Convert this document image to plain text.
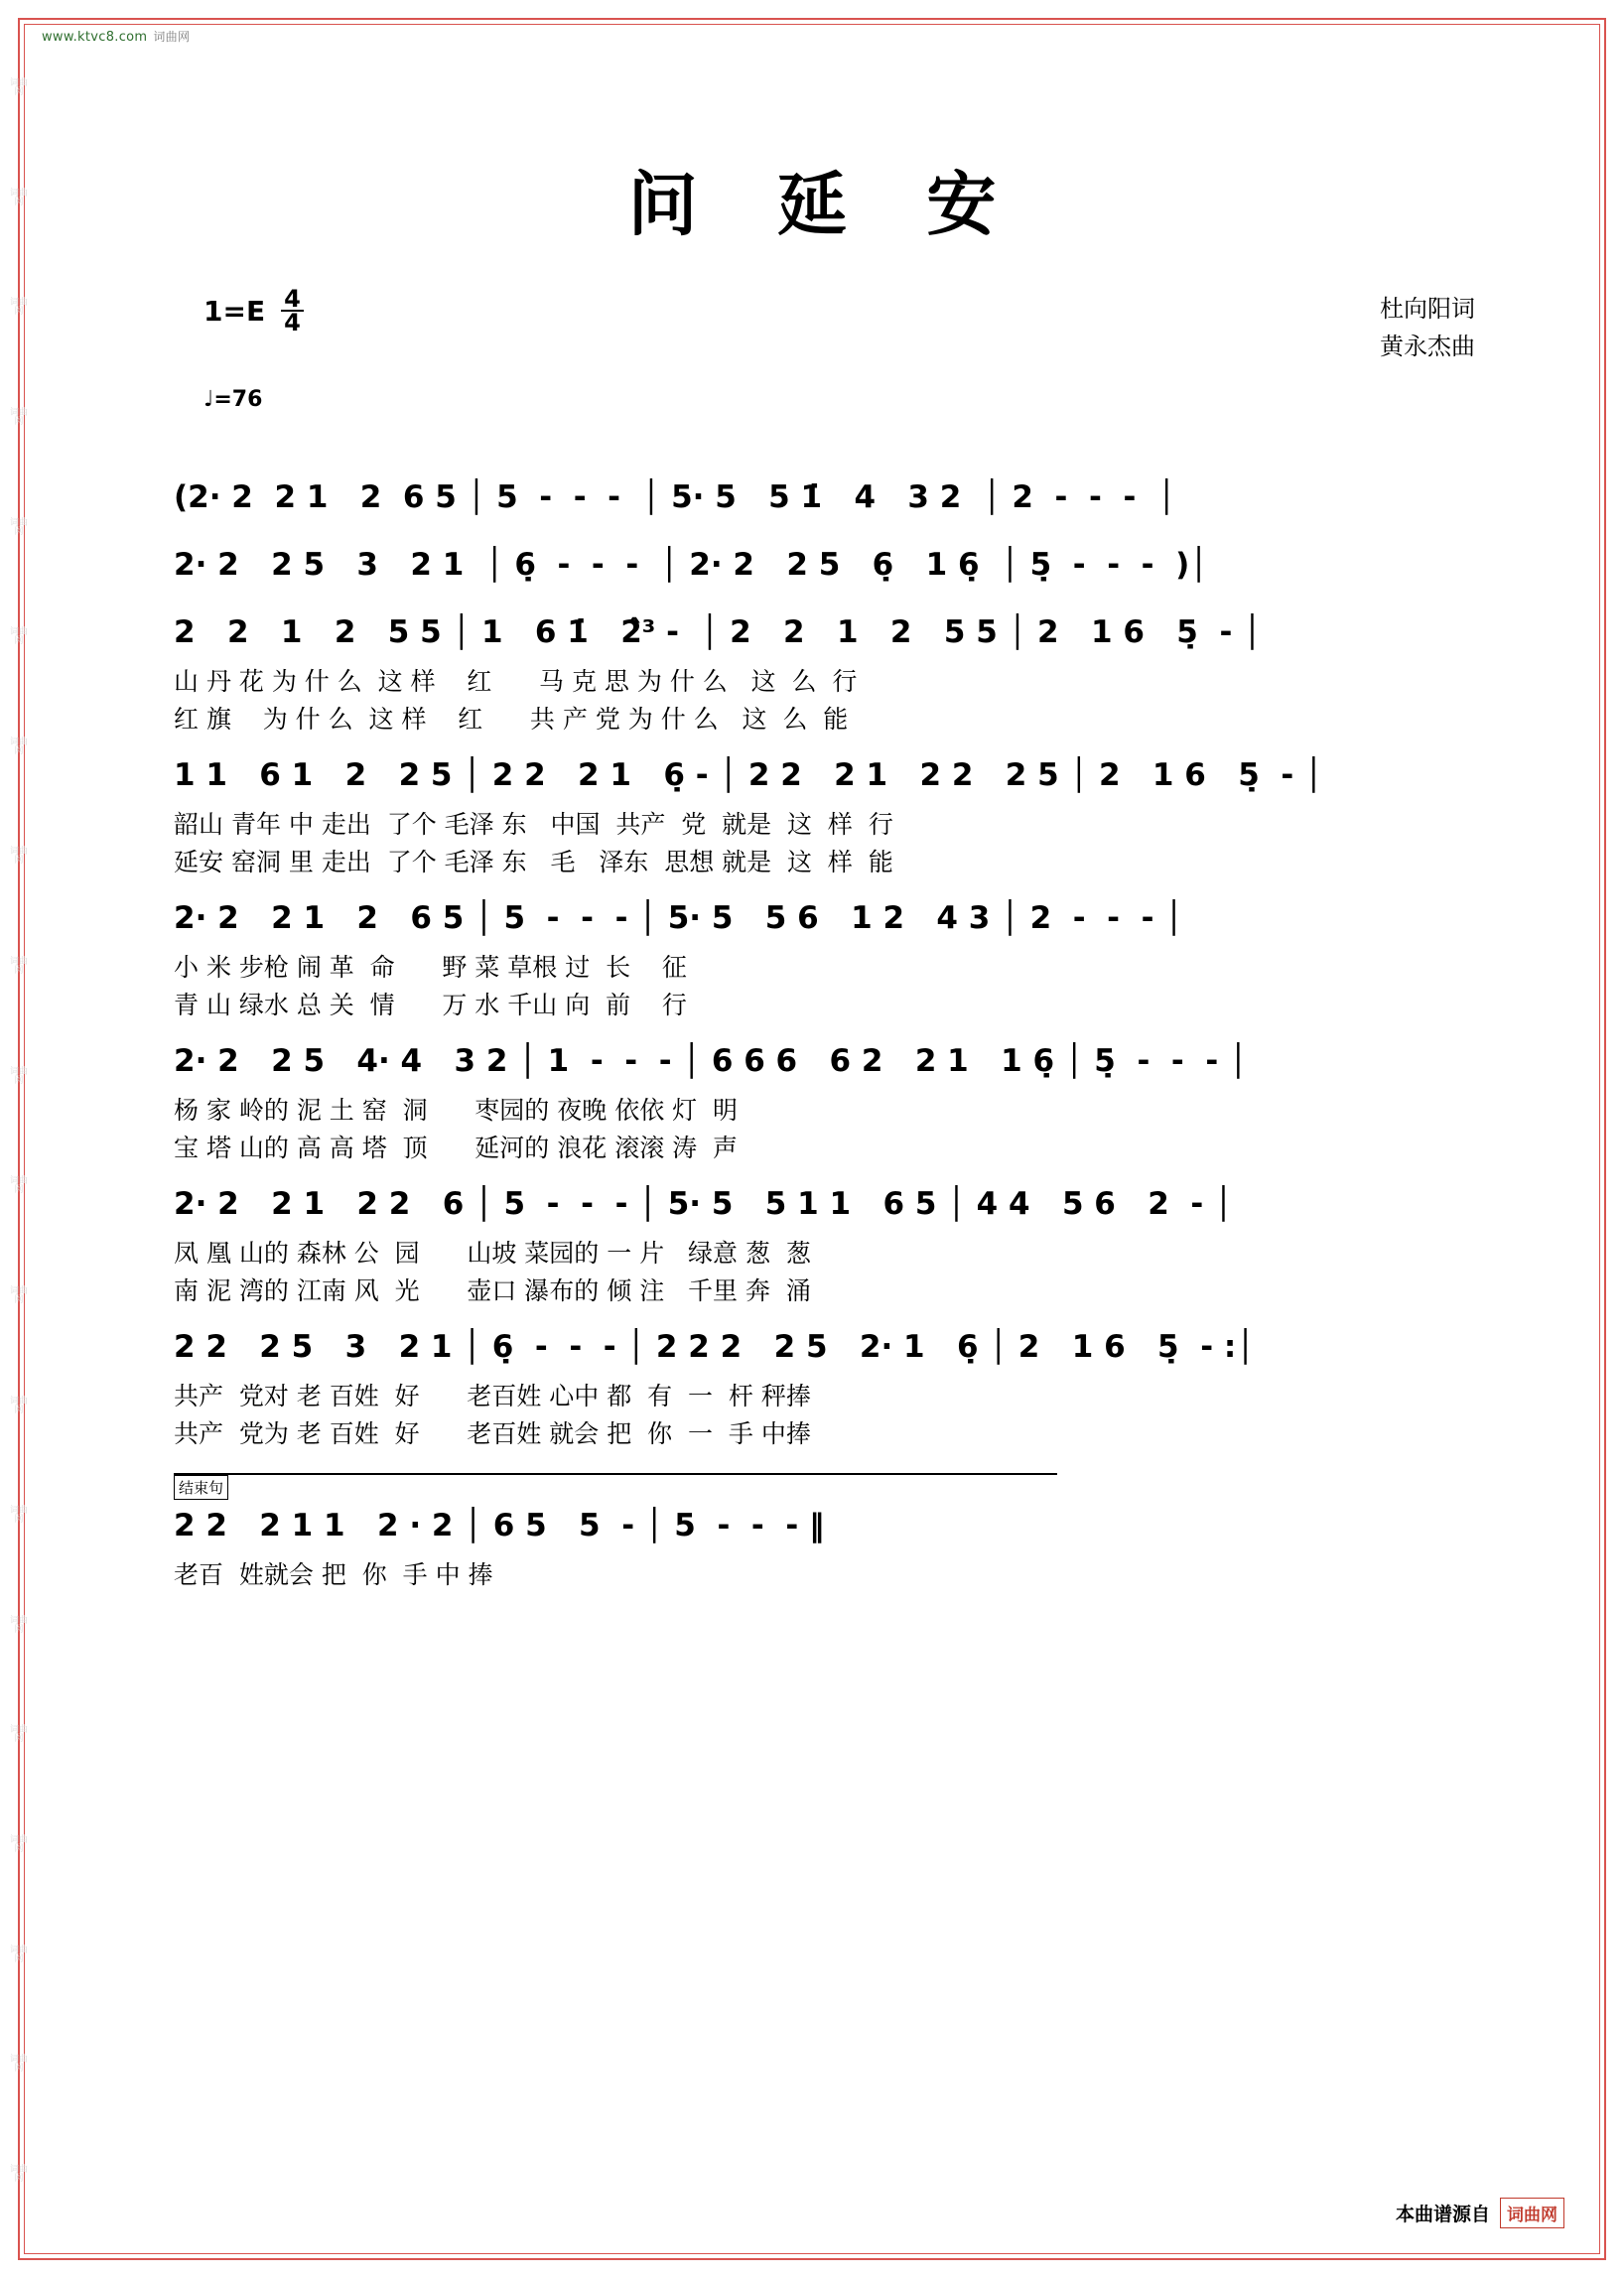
www.ktvc8.com 词曲网
词曲网
词曲网
词曲网
词曲网
词曲网
词曲网
词曲网
词曲网
词曲网
词曲网
词曲网
词曲网
词曲网
词曲网
词曲网
词曲网
词曲网
词曲网
词曲网
词曲网
问 延 安
$1=E \frac{4}{4}$
♩=76
杜向阳词
黄永杰曲
(2· 2  2 1   2  6 5 │ 5  -  -  -  │ 5· 5   5 1̇   4   3 2  │ 2  -  -  -  │
2· 2   2 5   3   2 1  │ 6̣  -  -  -  │ 2· 2   2 5   6̣   1 6̣  │ 5̣  -  -  -  )│
2   2   1   2   5 5 │ 1   6 1̇   2̂³ -  │ 2   2   1   2   5 5 │ 2   1 6   5̣  - │
山 丹 花 为 什 么  这 样    红      马 克 思 为 什 么   这  么  行
红 旗    为 什 么  这 样    红      共 产 党 为 什 么   这  么  能
1 1   6 1   2   2 5 │ 2 2   2 1   6̣ - │ 2 2   2 1   2 2   2 5 │ 2   1 6   5̣  - │
韶山 青年 中 走出  了个 毛泽 东   中国  共产  党  就是  这  样  行
延安 窑洞 里 走出  了个 毛泽 东   毛   泽东  思想 就是  这  样  能
2· 2   2 1   2   6 5 │ 5  -  -  - │ 5· 5   5 6   1 2   4 3 │ 2  -  -  - │
小 米 步枪 闹 革  命      野 菜 草根 过  长    征
青 山 绿水 总 关  情      万 水 千山 向  前    行
2· 2   2 5   4· 4   3 2 │ 1  -  -  - │ 6 6 6   6 2   2 1   1 6̣ │ 5̣  -  -  - │
杨 家 岭的 泥 土 窑  洞      枣园的 夜晚 依依 灯  明
宝 塔 山的 高 高 塔  顶      延河的 浪花 滚滚 涛  声
2· 2   2 1   2 2   6 │ 5  -  -  - │ 5· 5   5 1 1   6 5 │ 4 4   5 6   2  - │
凤 凰 山的 森林 公  园      山坡 菜园的 一 片   绿意 葱  葱
南 泥 湾的 江南 风  光      壶口 瀑布的 倾 注   千里 奔  涌
2 2   2 5   3   2 1 │ 6̣  -  -  - │ 2 2 2   2 5   2· 1   6̣ │ 2   1 6   5̣  - :│
共产  党对 老 百姓  好      老百姓 心中 都  有  一  杆 秤捧
共产  党为 老 百姓  好      老百姓 就会 把  你  一  手 中捧
结束句
2 2   2 1 1   2 · 2 │ 6 5   5  - │ 5  -  -  - ‖
老百  姓就会 把  你  手 中 捧
本曲谱源自	词曲网
